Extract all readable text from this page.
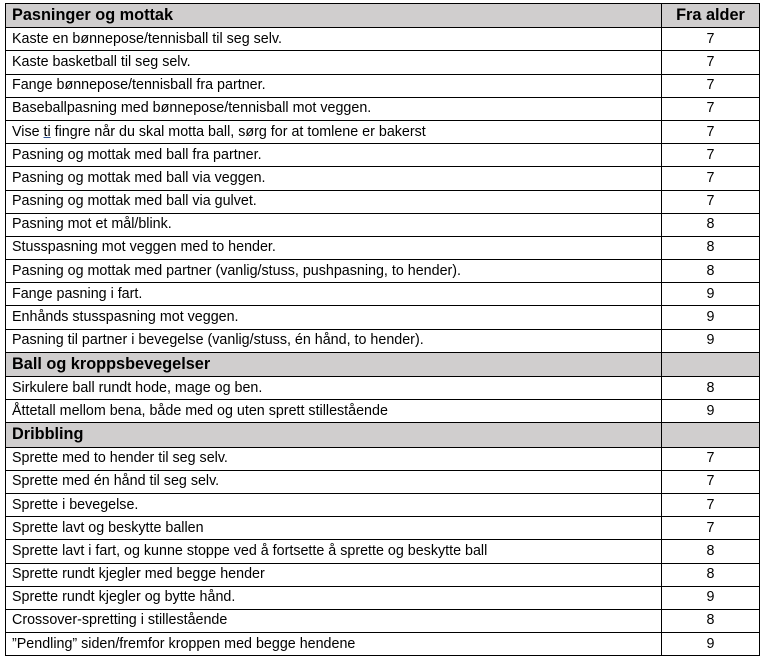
Pasninger og mottak	Fra alder
Kaste en bønnepose/tennisball til seg selv.	7
Kaste basketball til seg selv.	7
Fange bønnepose/tennisball fra partner.	7
Baseballpasning med bønnepose/tennisball mot veggen.	7
Vise ti fingre når du skal motta ball, sørg for at tomlene er bakerst	7
Pasning og mottak med ball fra partner.	7
Pasning og mottak med ball via veggen.	7
Pasning og mottak med ball via gulvet.	7
Pasning mot et mål/blink.	8
Stusspasning mot veggen med to hender.	8
Pasning og mottak med partner (vanlig/stuss, pushpasning, to hender).	8
Fange pasning i fart.	9
Enhånds stusspasning mot veggen.	9
Pasning til partner i bevegelse (vanlig/stuss, én hånd, to hender).	9
Ball og kroppsbevegelser	
Sirkulere ball rundt hode, mage og ben.	8
Åttetall mellom bena, både med og uten sprett stillestående	9
Dribbling	
Sprette med to hender til seg selv.	7
Sprette med én hånd til seg selv.	7
Sprette i bevegelse.	7
Sprette lavt og beskytte ballen	7
Sprette lavt i fart, og kunne stoppe ved å fortsette å sprette og beskytte ball	8
Sprette rundt kjegler med begge hender	8
Sprette rundt kjegler og bytte hånd.	9
Crossover-spretting i stillestående	8
”Pendling” siden/fremfor kroppen med begge hendene	9
